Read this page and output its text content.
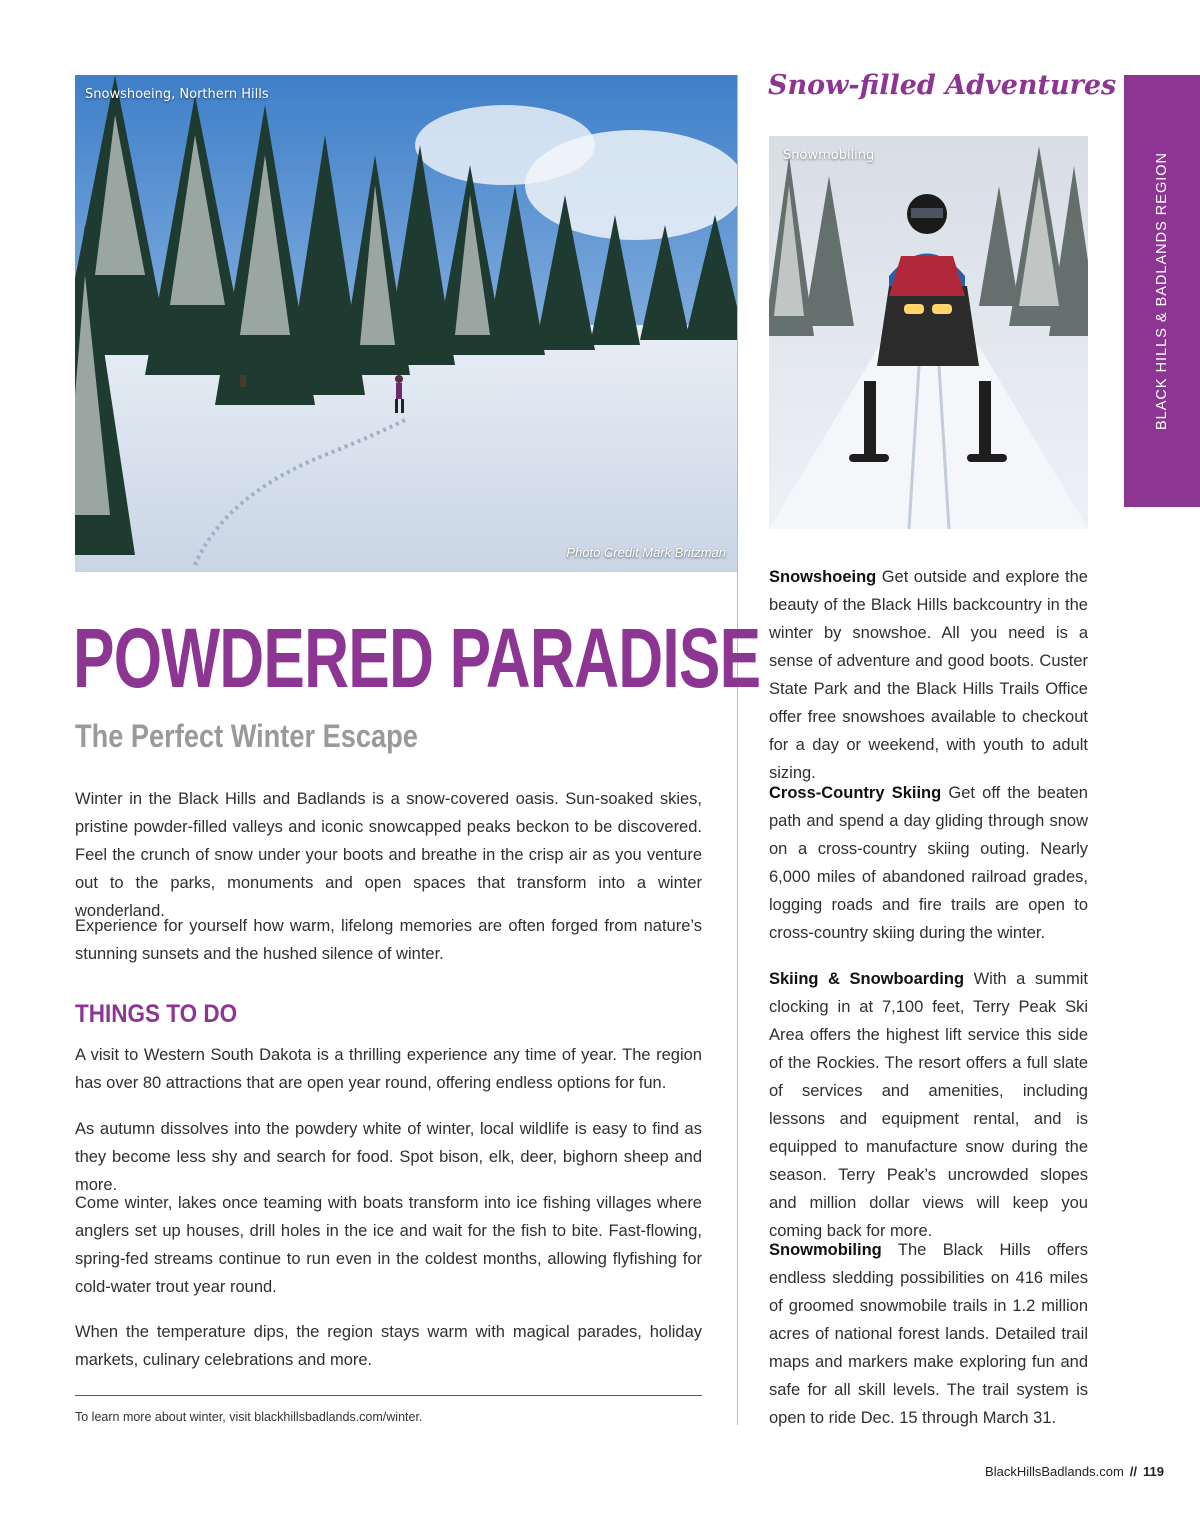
Snowshoeing, Northern Hills
Photo Credit Mark Britzman
POWDERED PARADISE
The Perfect Winter Escape

Winter in the Black Hills and Badlands is a snow-covered oasis. Sun-soaked skies, pristine powder-filled valleys and iconic snowcapped peaks beckon to be discovered. Feel the crunch of snow under your boots and breathe in the crisp air as you venture out to the parks, monuments and open spaces that transform into a winter wonderland.

Experience for yourself how warm, lifelong memories are often forged from nature’s stunning sunsets and the hushed silence of winter.

THINGS TO DO

A visit to Western South Dakota is a thrilling experience any time of year. The region has over 80 attractions that are open year round, offering endless options for fun.

As autumn dissolves into the powdery white of winter, local wildlife is easy to find as they become less shy and search for food. Spot bison, elk, deer, bighorn sheep and more.

Come winter, lakes once teaming with boats transform into ice fishing villages where anglers set up houses, drill holes in the ice and wait for the fish to bite. Fast-flowing, spring-fed streams continue to run even in the coldest months, allowing flyfishing for cold-water trout year round.

When the temperature dips, the region stays warm with magical parades, holiday markets, culinary celebrations and more.

To learn more about winter, visit blackhillsbadlands.com/winter.

Snow-filled Adventures
Snowmobiling

Snowshoeing Get outside and explore the beauty of the Black Hills backcountry in the winter by snowshoe. All you need is a sense of adventure and good boots. Custer State Park and the Black Hills Trails Office offer free snowshoes available to checkout for a day or weekend, with youth to adult sizing.

Cross-Country Skiing Get off the beaten path and spend a day gliding through snow on a cross-country skiing outing. Nearly 6,000 miles of abandoned railroad grades, logging roads and fire trails are open to cross-country skiing during the winter.

Skiing & Snowboarding With a summit clocking in at 7,100 feet, Terry Peak Ski Area offers the highest lift service this side of the Rockies. The resort offers a full slate of services and amenities, including lessons and equipment rental, and is equipped to manufacture snow during the season. Terry Peak’s uncrowded slopes and million dollar views will keep you coming back for more.

Snowmobiling The Black Hills offers endless sledding possibilities on 416 miles of groomed snowmobile trails in 1.2 million acres of national forest lands. Detailed trail maps and markers make exploring fun and safe for all skill levels. The trail system is open to ride Dec. 15 through March 31.

BLACK HILLS & BADLANDS REGION
BlackHillsBadlands.com // 119
